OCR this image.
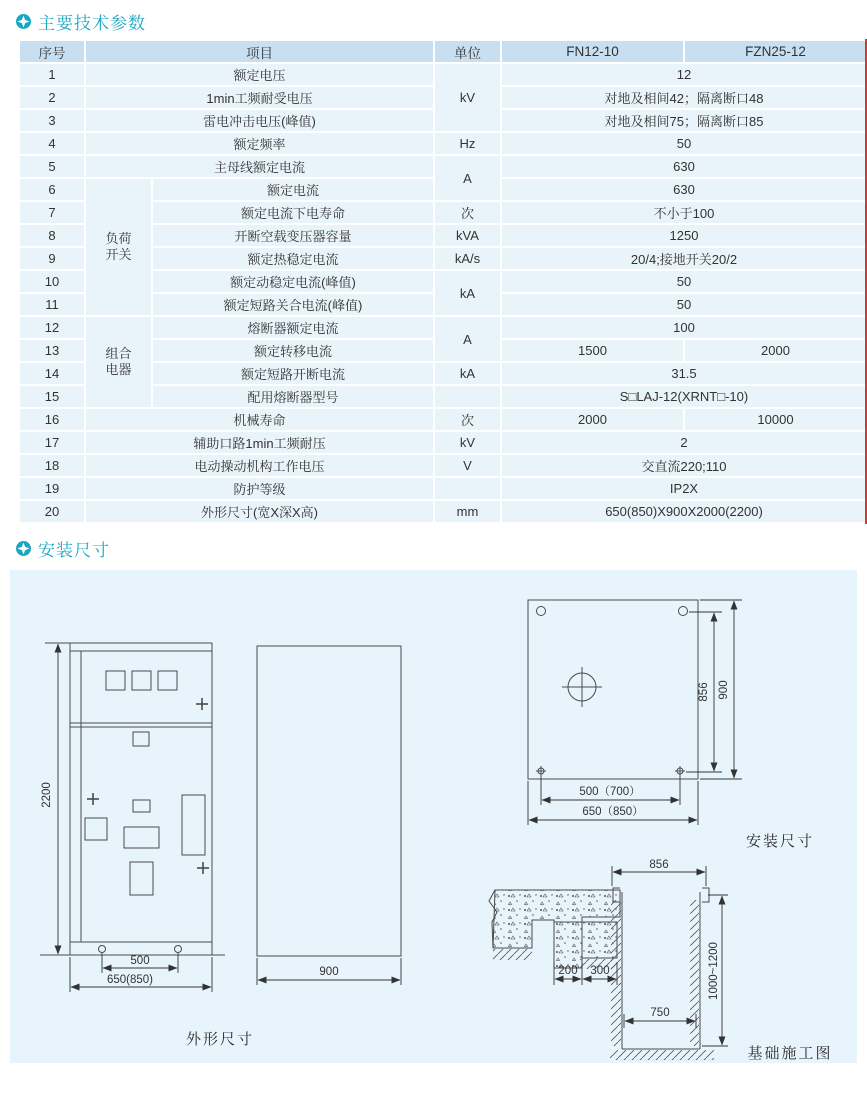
主要技术参数
序号	项目		单位	FN12-10	FZN25-12
1	额定电压		kV	12	
2	1min工频耐受电压			对地及相间42；隔离断口48	
3	雷电冲击电压(峰值)			对地及相间75；隔离断口85	
4	额定频率		Hz	50	
5	主母线额定电流		A	630	
6	负荷开关	额定电流		630	
7		额定电流下电寿命	次	不小于100	
8		开断空载变压器容量	kVA	1250	
9		额定热稳定电流	kA/s	20/4;接地开关20/2	
10		额定动稳定电流(峰值)	kA	50	
11		额定短路关合电流(峰值)		50	
12	组合电器	熔断器额定电流	A	100	
13		额定转移电流		1500	2000
14		额定短路开断电流	kA	31.5	
15		配用熔断器型号		S□LAJ-12(XRNT□-10)	
16	机械寿命		次	2000	10000
17	辅助口路1min工频耐压		kV	2	
18	电动操动机构工作电压		V	交直流220;110	
19	防护等级			IP2X	
20	外形尺寸(宽X深X高)		mm	650(850)X900X2000(2200)	
安装尺寸
2200
500
650(850)
900
外形尺寸
856 900
500（700）
650（850）
安装尺寸
856
200 300
750
1000~1200
基础施工图
